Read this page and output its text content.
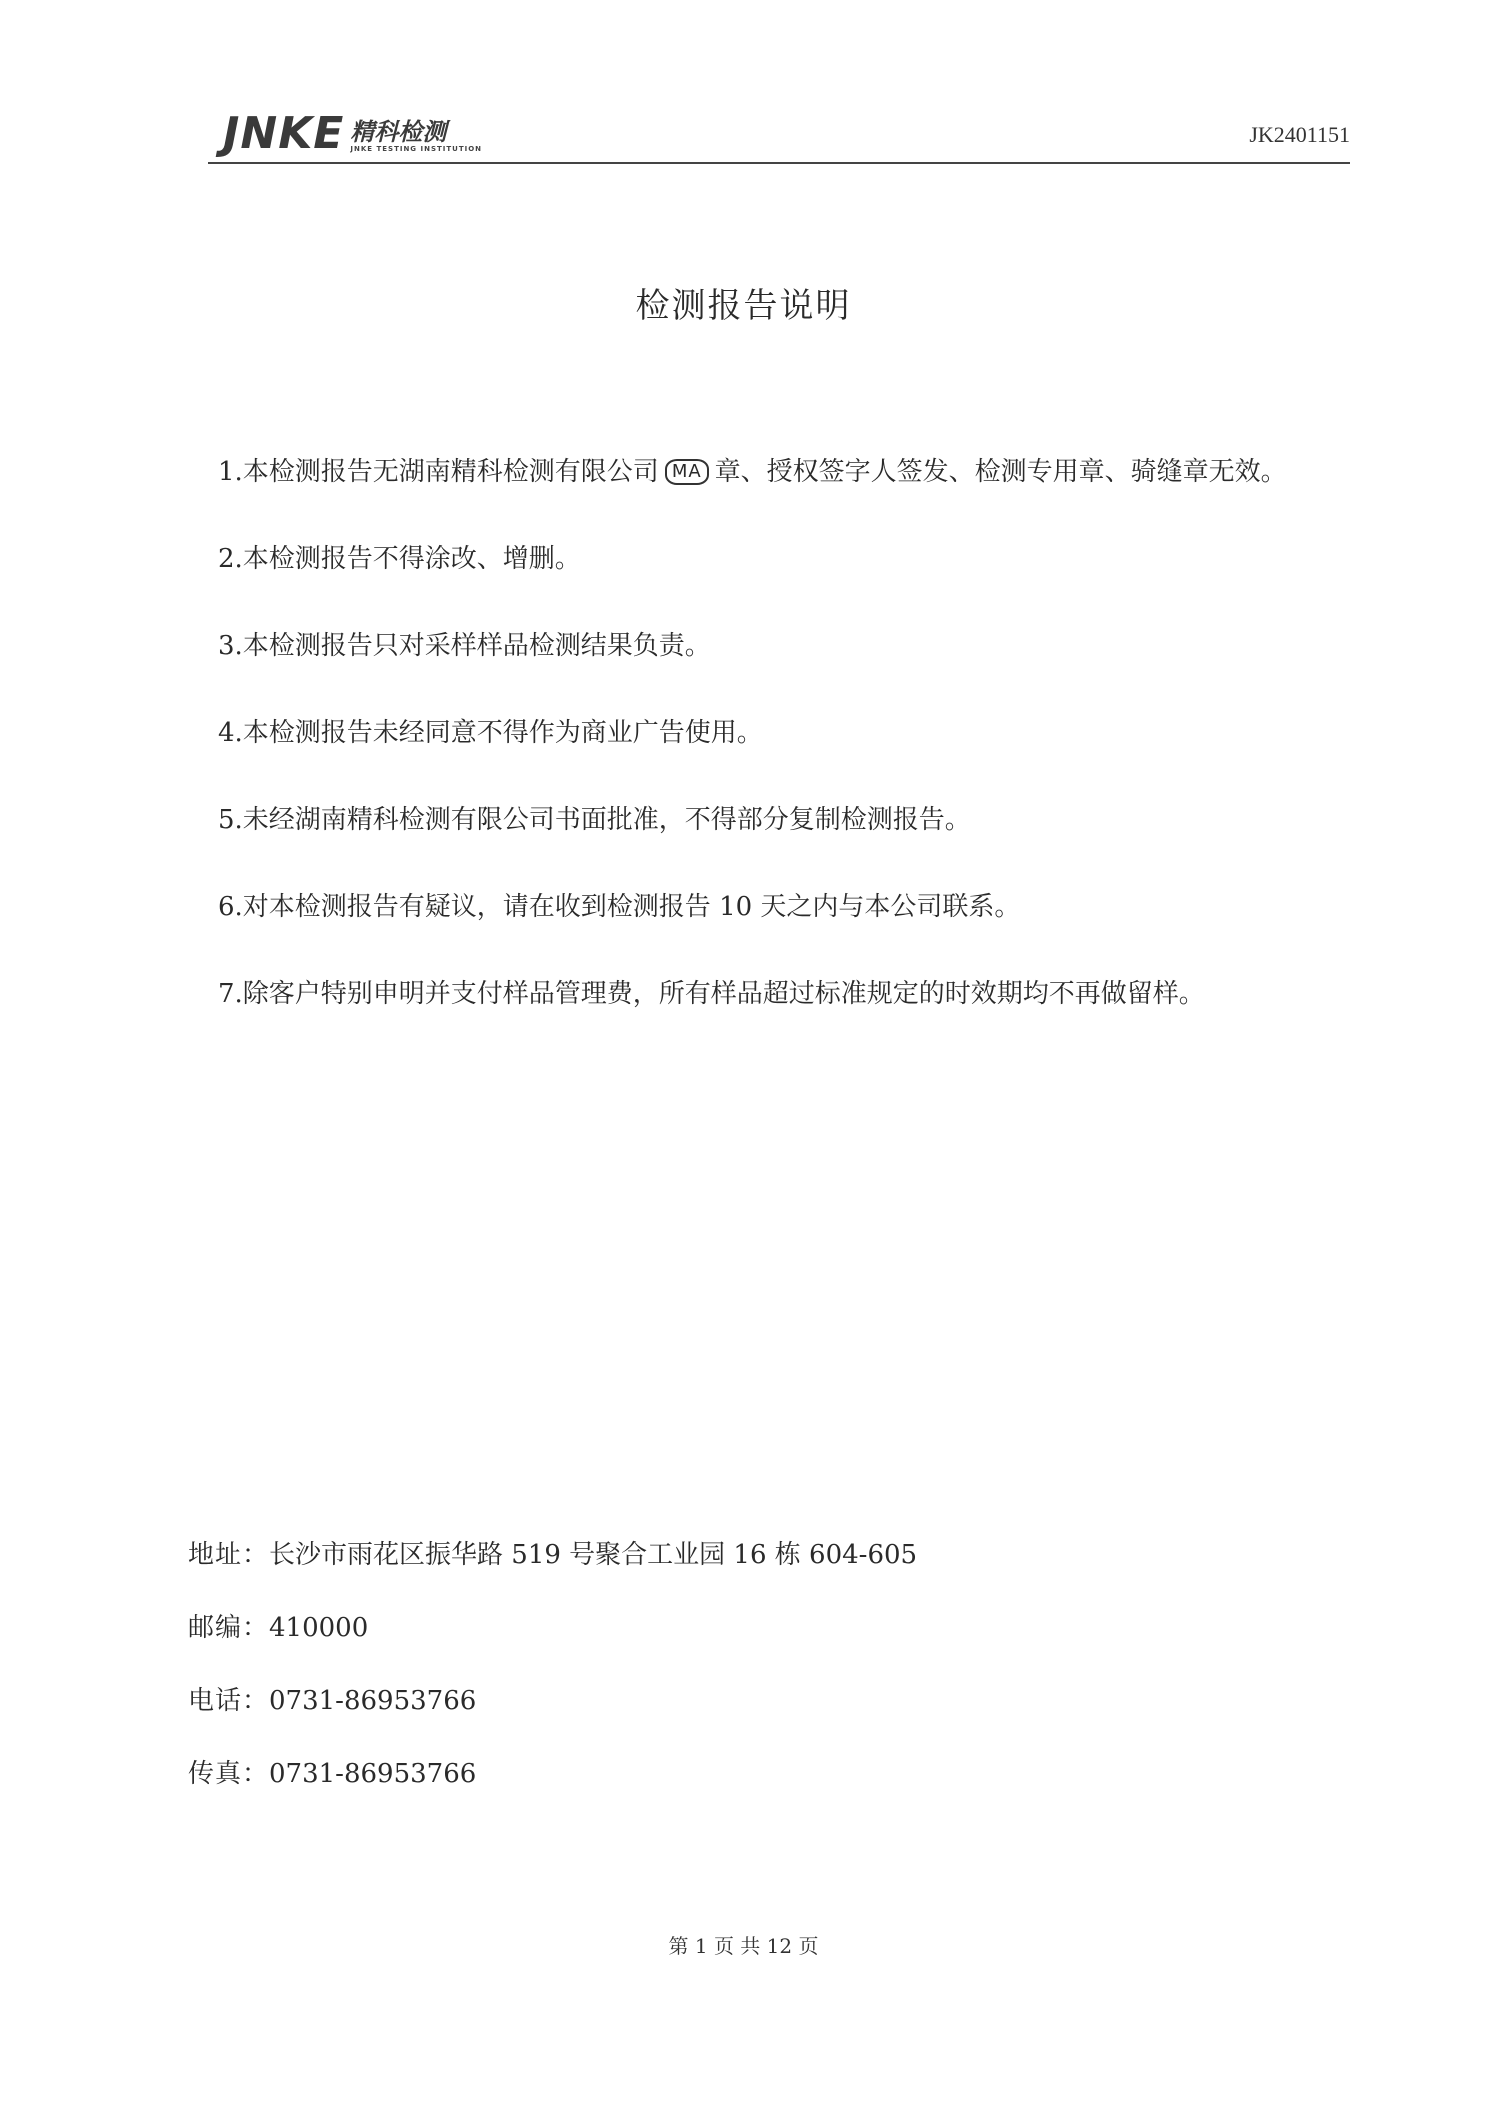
JNKE 精科检测
JNKE TESTING INSTITUTION
JK2401151
检测报告说明

1.本检测报告无湖南精科检测有限公司 MA 章、授权签字人签发、检测专用章、骑缝章无效。

2.本检测报告不得涂改、增删。

3.本检测报告只对采样样品检测结果负责。

4.本检测报告未经同意不得作为商业广告使用。

5.未经湖南精科检测有限公司书面批准，不得部分复制检测报告。

6.对本检测报告有疑议，请在收到检测报告 10 天之内与本公司联系。

7.除客户特别申明并支付样品管理费，所有样品超过标准规定的时效期均不再做留样。

地址：长沙市雨花区振华路 519 号聚合工业园 16 栋 604-605
邮编：410000
电话：0731-86953766
传真：0731-86953766
第 1 页 共 12 页
